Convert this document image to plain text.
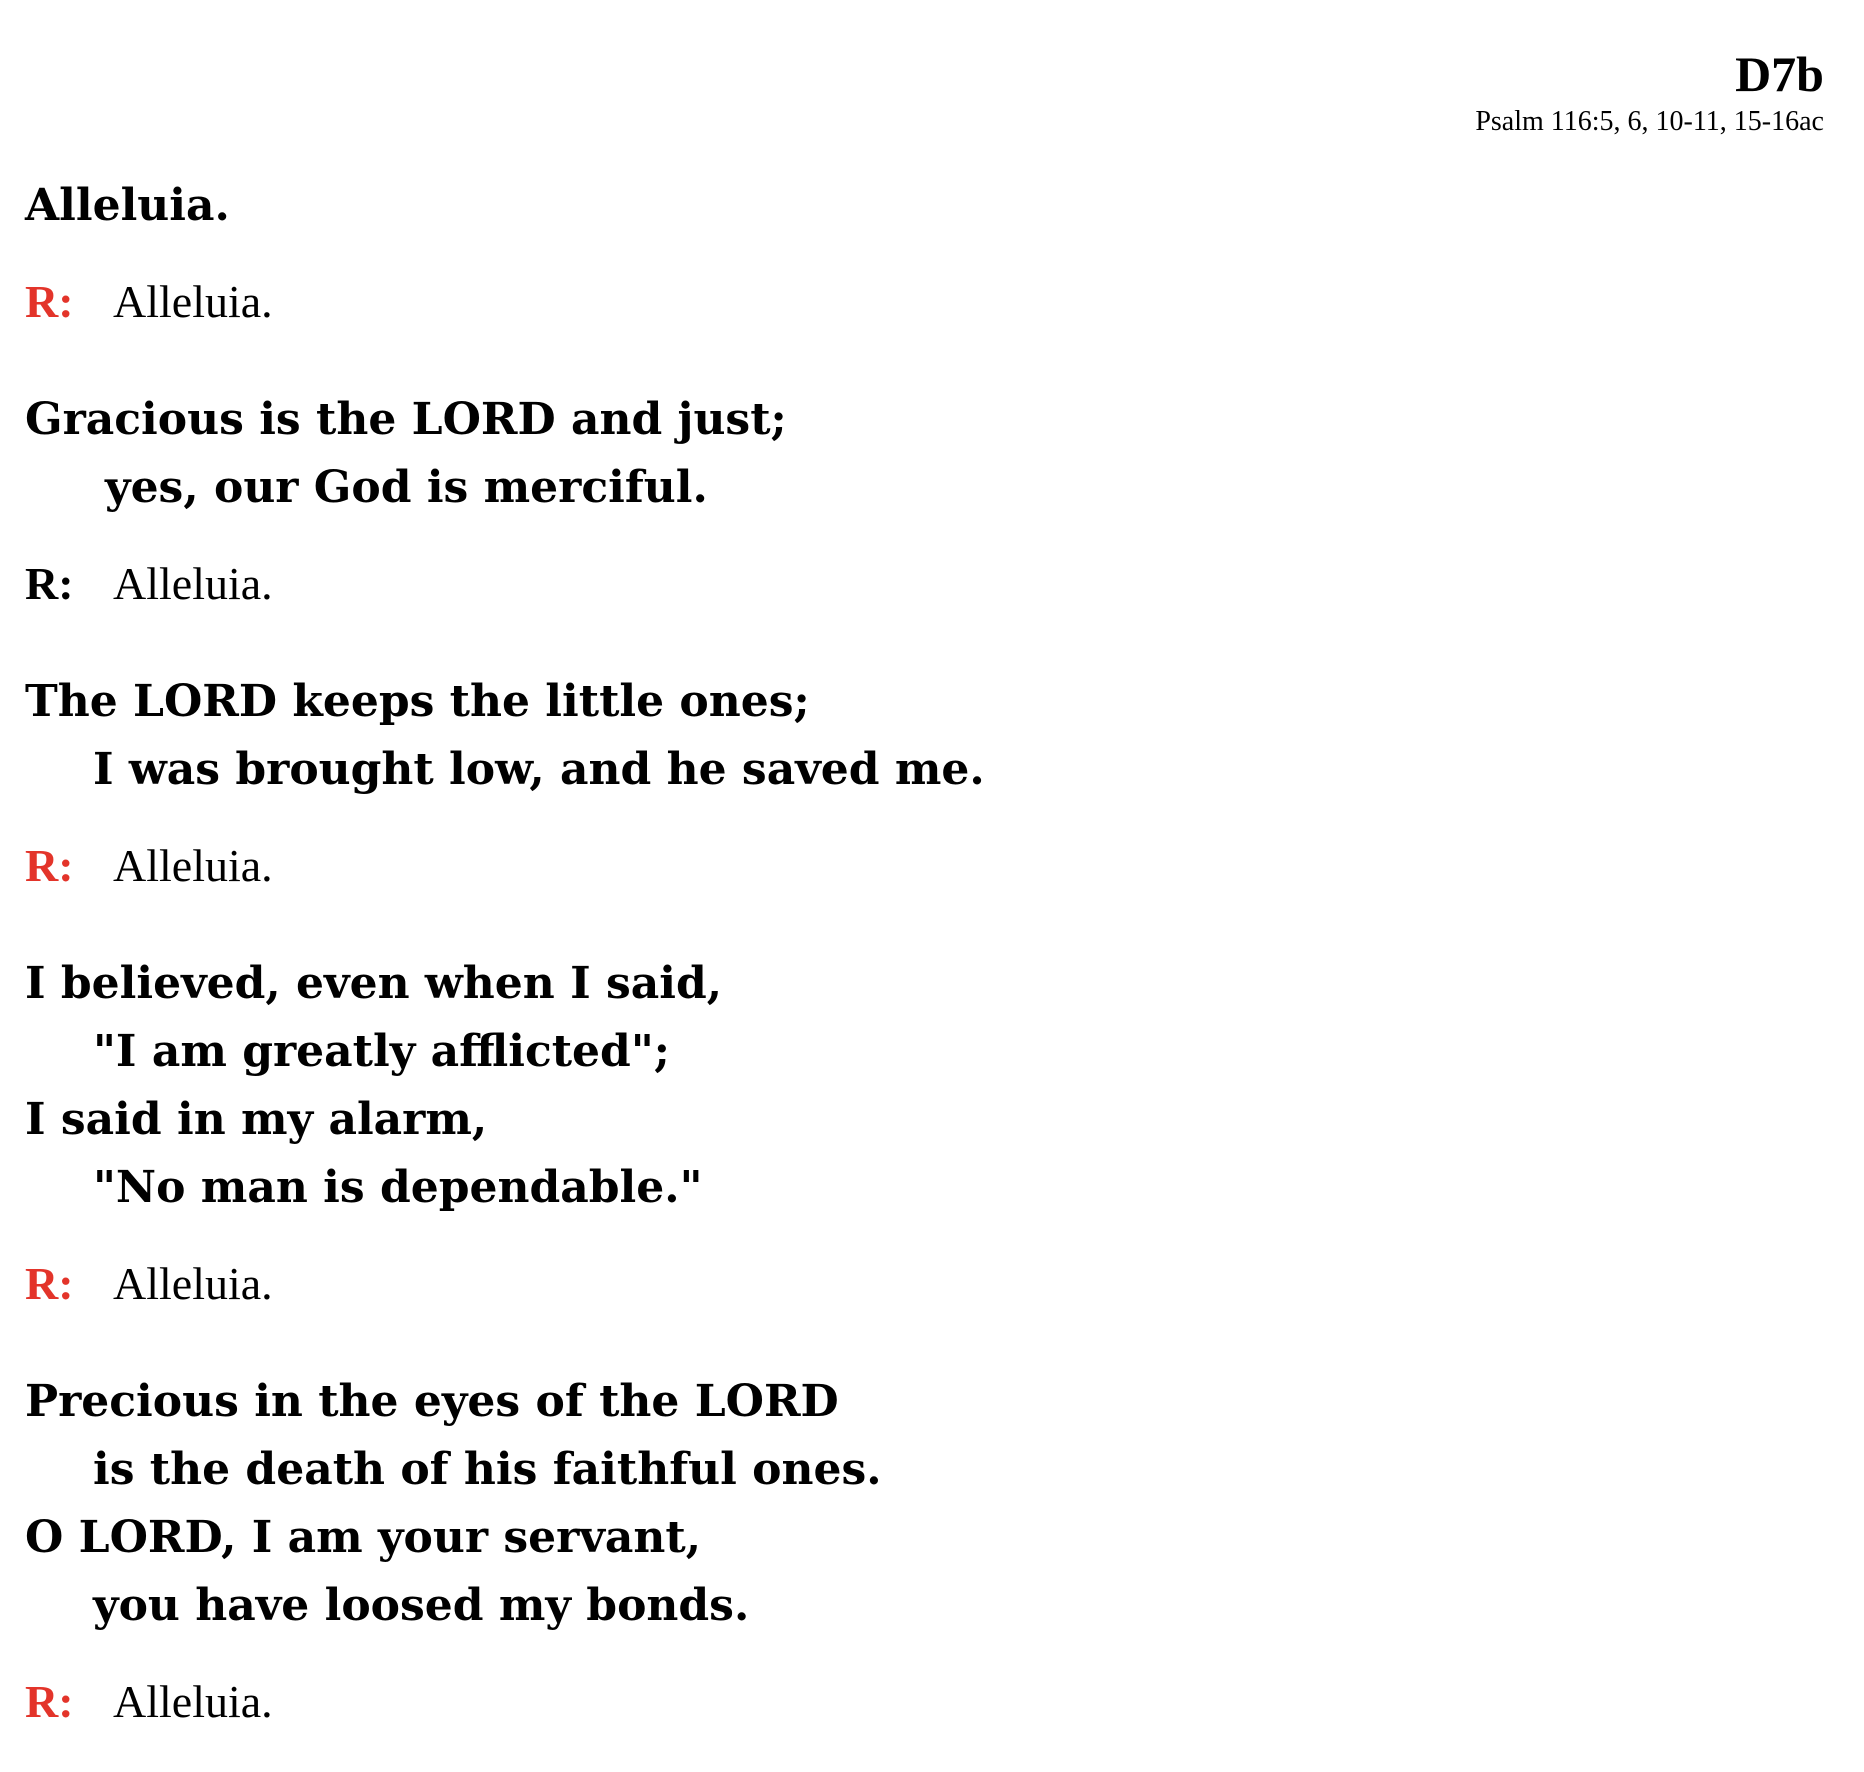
D7b
Psalm 116:5, 6, 10-11, 15-16ac
Alleluia.
R: Alleluia.
Gracious is the LORD and just;
yes, our God is merciful.
R: Alleluia.
The LORD keeps the little ones;
I was brought low, and he saved me.
R: Alleluia.
I believed, even when I said,
"I am greatly afflicted";
I said in my alarm,
"No man is dependable."
R: Alleluia.
Precious in the eyes of the LORD
is the death of his faithful ones.
O LORD, I am your servant,
you have loosed my bonds.
R: Alleluia.
